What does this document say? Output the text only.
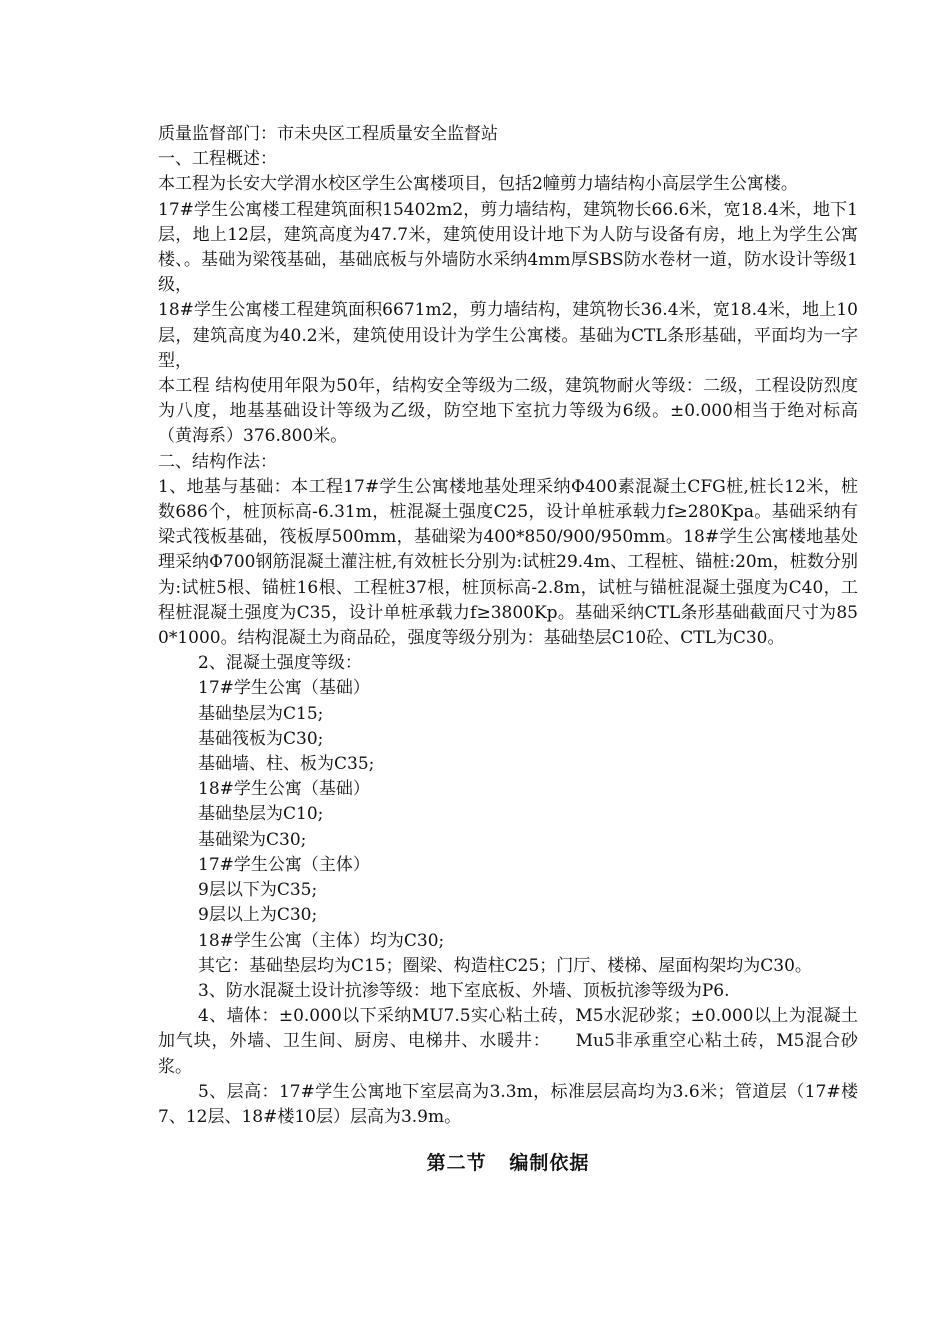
质量监督部门：市未央区工程质量安全监督站

一、工程概述：

本工程为长安大学渭水校区学生公寓楼项目，包括2幢剪力墙结构小高层学生公寓楼。

17#学生公寓楼工程建筑面积15402m2，剪力墙结构，建筑物长66.6米，宽18.4米，地下1层，地上12层，建筑高度为47.7米，建筑使用设计地下为人防与设备有房，地上为学生公寓楼、。基础为梁筏基础，基础底板与外墙防水采纳4mm厚SBS防水卷材一道，防水设计等级1级，

18#学生公寓楼工程建筑面积6671m2，剪力墙结构，建筑物长36.4米，宽18.4米，地上10层，建筑高度为40.2米，建筑使用设计为学生公寓楼。基础为CTL条形基础，平面均为一字型，

本工程 结构使用年限为50年，结构安全等级为二级，建筑物耐火等级：二级，工程设防烈度为八度，地基基础设计等级为乙级，防空地下室抗力等级为6级。±0.000相当于绝对标高（黄海系）376.800米。

二、结构作法：

1、地基与基础：本工程17#学生公寓楼地基处理采纳Φ400素混凝土CFG桩,桩长12米，桩数686个，桩顶标高-6.31m，桩混凝土强度C25，设计单桩承载力f≥280Kpa。基础采纳有梁式筏板基础，筏板厚500mm，基础梁为400*850/900/950mm。18#学生公寓楼地基处理采纳Φ700钢筋混凝土灌注桩,有效桩长分别为:试桩29.4m、工程桩、锚桩:20m，桩数分别为:试桩5根、锚桩16根、工程桩37根，桩顶标高-2.8m，试桩与锚桩混凝土强度为C40，工程桩混凝土强度为C35，设计单桩承载力f≥3800Kp。基础采纳CTL条形基础截面尺寸为850*1000。结构混凝土为商品砼，强度等级分别为：基础垫层C10砼、CTL为C30。

2、混凝土强度等级：

17#学生公寓（基础）

基础垫层为C15;

基础筏板为C30;

基础墙、柱、板为C35;

18#学生公寓（基础）

基础垫层为C10;

基础梁为C30;

17#学生公寓（主体）

9层以下为C35;

9层以上为C30;

18#学生公寓（主体）均为C30;

其它：基础垫层均为C15；圈梁、构造柱C25；门厅、楼梯、屋面构架均为C30。

3、防水混凝土设计抗渗等级：地下室底板、外墙、顶板抗渗等级为P6.

4、墙体：±0.000以下采纳MU7.5实心粘土砖，M5水泥砂浆；±0.000以上为混凝土加气块，外墙、卫生间、厨房、电梯井、水暖井：    Mu5非承重空心粘土砖，M5混合砂浆。

5、层高：17#学生公寓地下室层高为3.3m，标准层层高均为3.6米；管道层（17#楼7、12层、18#楼10层）层高为3.9m。

第二节   编制依据
